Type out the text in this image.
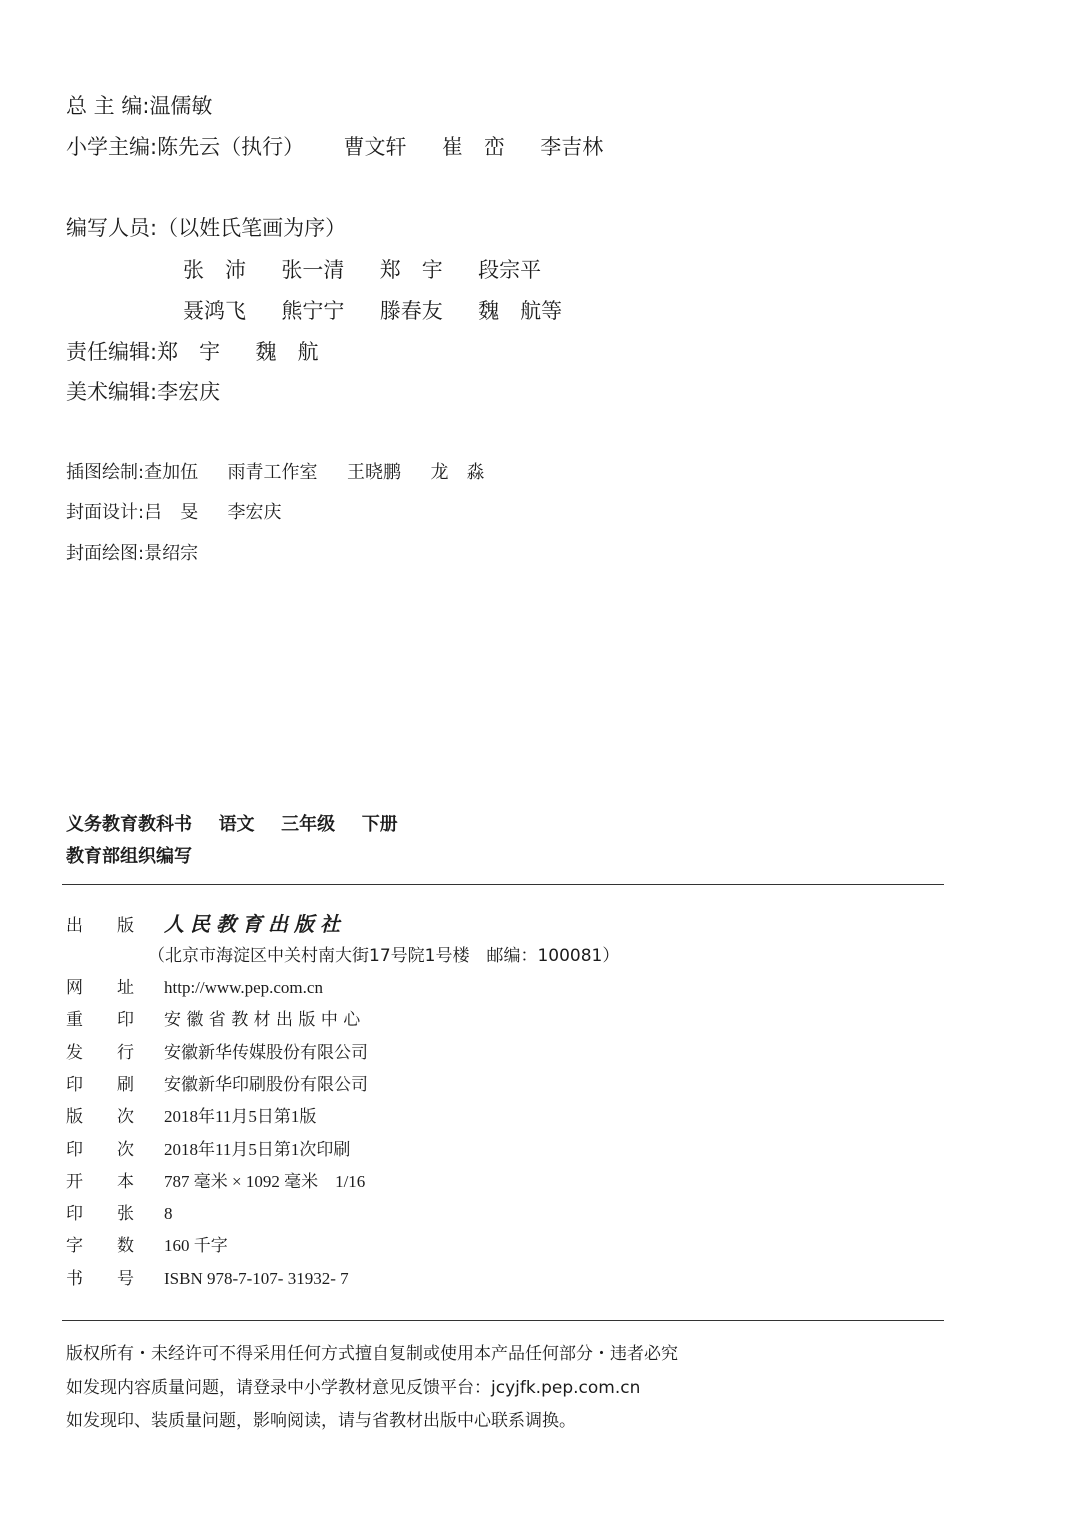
总 主 编:温儒敏
小学主编:陈先云（执行） 曹文轩 崔　峦 李吉林
编写人员:（以姓氏笔画为序）
张　沛 张一清 郑　宇 段宗平
聂鸿飞 熊宁宁 滕春友 魏　航等
责任编辑:郑　宇 魏　航
美术编辑:李宏庆
插图绘制:查加伍 雨青工作室 王晓鹏 龙　淼
封面设计:吕　旻 李宏庆
封面绘图:景绍宗
义务教育教科书 语文 三年级 下册
教育部组织编写
出　　版 人民教育出版社
（北京市海淀区中关村南大街17号院1号楼　邮编：100081）
网　　址 http://www.pep.com.cn
重　　印 安 徽 省 教 材 出 版 中 心
发　　行 安徽新华传媒股份有限公司
印　　刷 安徽新华印刷股份有限公司
版　　次 2018年11月5日第1版
印　　次 2018年11月5日第1次印刷
开　　本 787 毫米 × 1092 毫米　1/16
印　　张 8
字　　数 160 千字
书　　号 ISBN 978-7-107- 31932- 7
版权所有・未经许可不得采用任何方式擅自复制或使用本产品任何部分・违者必究
如发现内容质量问题，请登录中小学教材意见反馈平台：jcyjfk.pep.com.cn
如发现印、装质量问题，影响阅读，请与省教材出版中心联系调换。
